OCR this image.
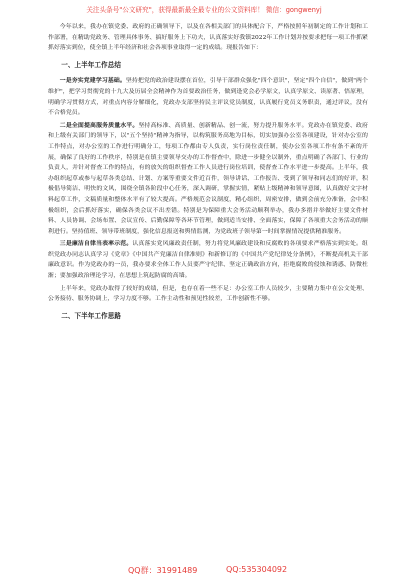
关注头条号"公文研究"，获得最新最全最专业的公文资料库！ 微信：gongwenyj

今年以来，我办在镇党委、政府的正确领导下，以及在各相关部门的具体配合下，严格按照年初制定的工作计划和工作部署，在精助党政务、管理具体事务、搞好服务上下功夫，认真落实好我镇2022年工作计划并按要求把每一项工作抓紧抓好落实到位，使全镇上半年经济和社会各项事业取得一定的成绩。现报告如下：

一、上半年工作总结

一是夯实党建学习基础。坚持把党的政治建设摆在首位，引导干部群众强化"四个意识"，坚定"四个自信"，做到"两个维护"，把学习贯彻党的十九大及历届全会精神作为首要政治任务，做到逢党会必学原文，认真学原文、读原著、悟原理，明确学习贯彻方式，对重点内容分解细化，党政办支部坚持民主评议党员制度，认真履行党员义务职责，通过评议，没有不合格党员。

二是全面提高服务质量水平。坚持高标准、高质量、创新精品、创一流，努力提升服务水平。党政办在镇党委、政府和上级有关部门的领导下，以"五个坚持"精神为指导，以构筑服务高地为目标，切实加强办公室各项建设，针对办公室的工作特点，对办公室的工作进行明确分工，每项工作都由专人负责，实行岗位责任制，使办公室各项工作有条不紊的开展，确保了良好的工作秩序，特别是在镇主要领导交办的工作督查中，除进一步健全以制外，重点明确了各部门、行业的负责人，并针对督查工作的特点，有的放矢的组织督查工作人员进行岗位培训，使督查工作水平进一步提高。上半年，我办组织起草或参与起草各类总结、计划、方案等重要文件近百件，领导讲话、工作报告、受到了领导和同志们的好评，积极倡导简洁、明快的文风，围绕全镇各阶段中心任务，深入调研，掌握实情，紧贴上级精神和领导意图，认真做好文字材料起草工作，文稿质量和整体水平有了较大提高。严格规范会议制度，精心组织，周密安排，做到会前充分准备，会中积极组织，会后抓好落实，确保各类会议不出差错。特别是为保障重大会务活动顺利举办，我办多措并举做好主要文件材料、人员协调、会场布置、会议宣传、后勤保障等各环节管理，做到适当安排、全面落实，保障了各项重大会务活动的顺利进行。坚持值班、领导带班制度，强化信息报送和舆情监测，为党政班子领导第一时间掌握情况提供精准服务。

三是廉洁自律当表率示范。认真落实党风廉政责任制，努力将党风廉政建设和反腐败的各项要求严格落实到实处。组织党政办同志认真学习《党章》《中国共产党廉洁自律准则》和新修订的《中国共产党纪律处分条例》，不断提高机关干部廉政意识。作为党政办的一员，我办要求全体工作人员要严守纪律、坚定正确政治方向，拒绝腐败的侵蚀和诱惑、防微杜渐；要加强政治理论学习，在思想上筑起防腐的高墙。

上半年来，党政办取得了较好的成绩，但是，也存在着一些不足：办公室工作人员较少，主要精力集中在公文处理、公务接待、服务协调上，学习力度不够。工作主动性和预见性较差，工作创新性不够。

二、下半年工作思路
QQ群：31991489	QQ:535304092
